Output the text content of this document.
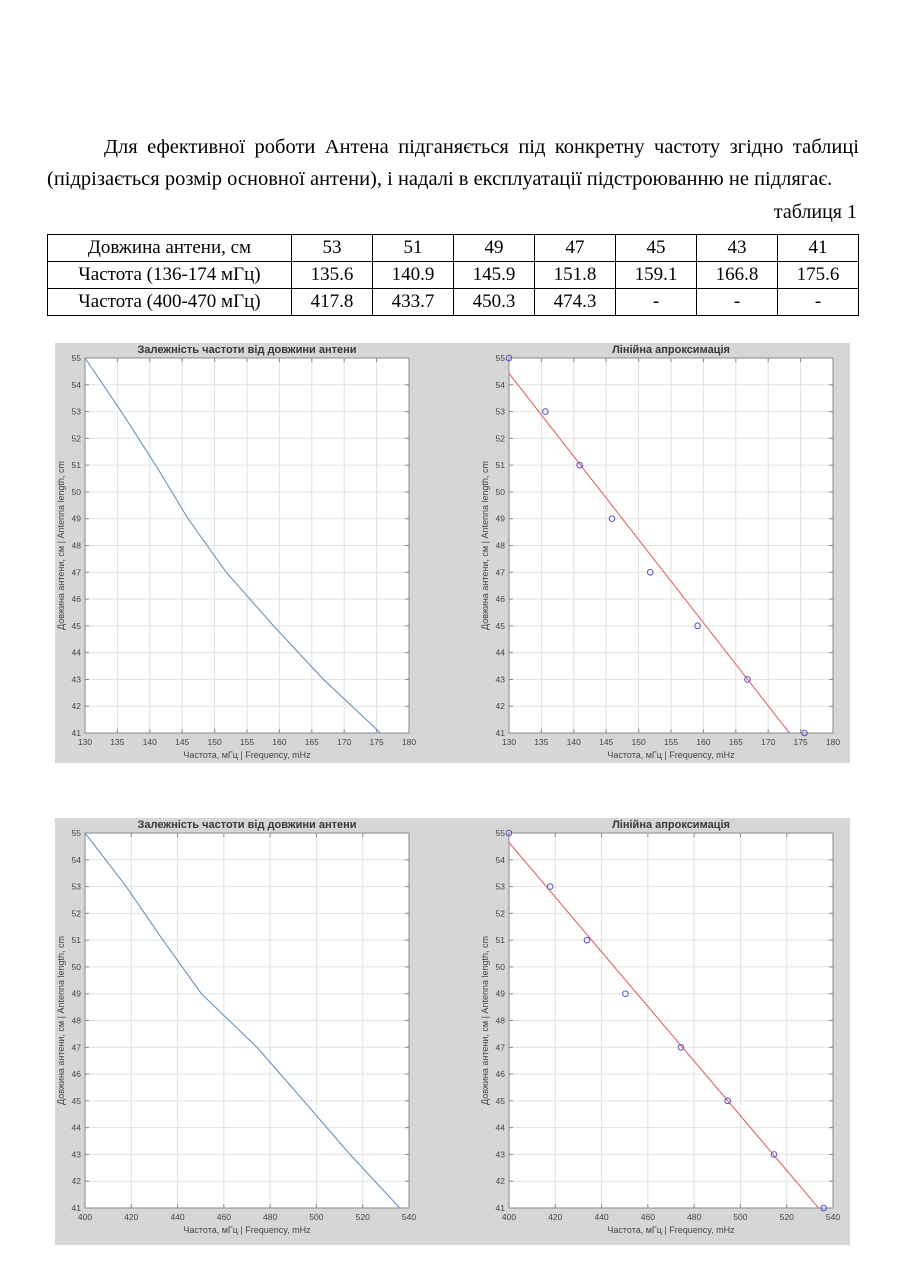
Для ефективної роботи Антена підганяється під конкретну частоту згідно таблиці (підрізається розмір основної антени), і надалі в експлуатації підстроюванню не підлягає.

таблиця 1
Довжина антени, см	53	51	49	47	45	43	41
Частота (136-174 мГц)	135.6	140.9	145.9	151.8	159.1	166.8	175.6
Частота (400-470 мГц)	417.8	433.7	450.3	474.3	-	-	-
130 135 140 145 150 155 160 165 170 175 180
41
42
43
44
45
46
47
48
49
50
51
52
53
54
55
Залежність частоти від довжини антени
Частота, мГц | Frequency, mHz
Довжина антени, см | Antenna length, cm
130 135 140 145 150 155 160 165 170 175 180
41
42
43
44
45
46
47
48
49
50
51
52
53
54
55
Лінійна апроксимація
Частота, мГц | Frequency, mHz
Довжина антени, см | Antenna length, cm
400	420	440	460	480	500	520	540
41
42
43
44
45
46
47
48
49
50
51
52
53
54
55
Залежність частоти від довжини антени
Частота, мГц | Frequency, mHz
Довжина антени, см | Antenna length, cm
400	420	440	460	480	500	520	540
41
42
43
44
45
46
47
48
49
50
51
52
53
54
55
Лінійна апроксимація
Частота, мГц | Frequency, mHz
Довжина антени, см | Antenna length, cm
